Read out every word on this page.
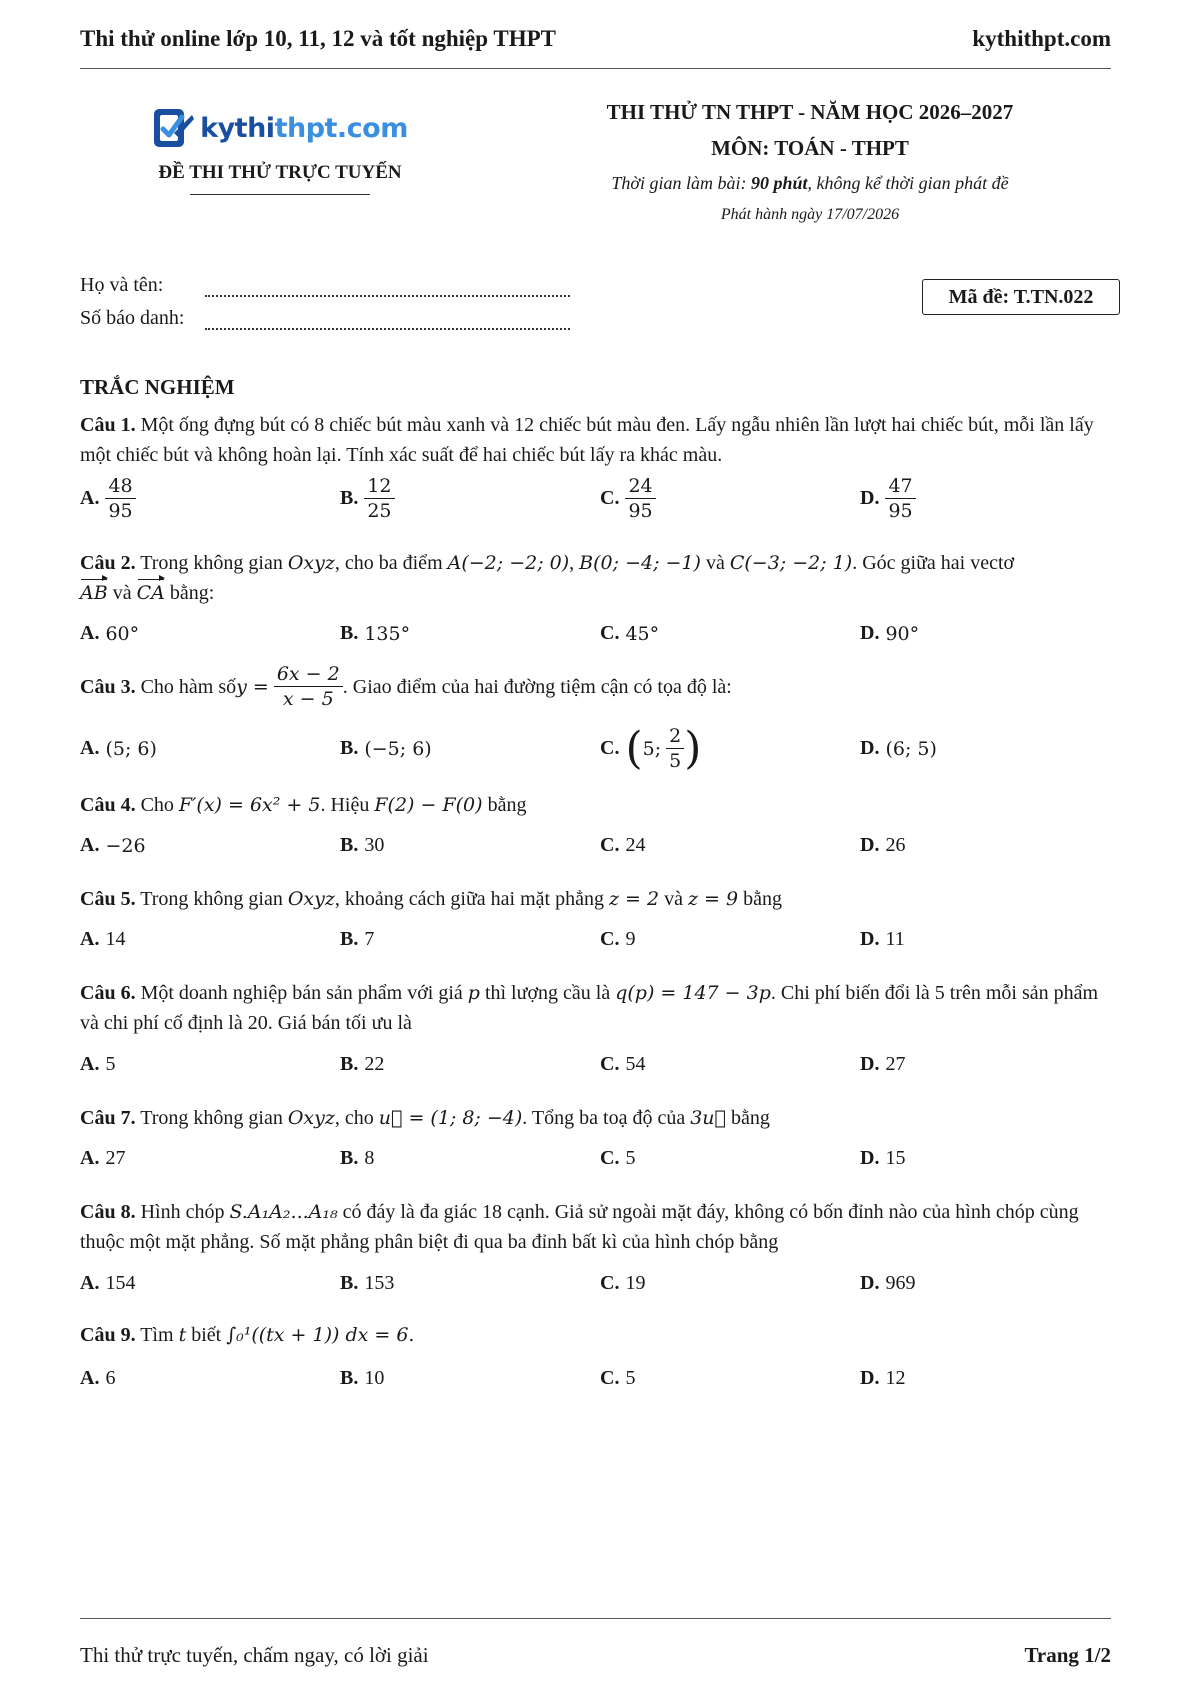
Thi thử online lớp 10, 11, 12 và tốt nghiệp THPT	kythithpt.com
kythithpt.com
ĐỀ THI THỬ TRỰC TUYẾN
THI THỬ TN THPT - NĂM HỌC 2026–2027
MÔN: TOÁN - THPT
Thời gian làm bài: 90 phút, không kể thời gian phát đề
Phát hành ngày 17/07/2026
Họ và tên:
Số báo danh:
Mã đề: T.TN.022
TRẮC NGHIỆM
Câu 1. Một ống đựng bút có 8 chiếc bút màu xanh và 12 chiếc bút màu đen. Lấy ngẫu nhiên lần lượt hai chiếc bút, mỗi lần lấy một chiếc bút và không hoàn lại. Tính xác suất để hai chiếc bút lấy ra khác màu.
A. $\frac{48}{95}$	B. $\frac{12}{25}$	C. $\frac{24}{95}$	D. $\frac{47}{95}$
Câu 2. Trong không gian Oxyz, cho ba điểm A(−2; −2; 0), B(0; −4; −1) và C(−3; −2; 1). Góc giữa hai vectơ
AB và CA bằng:
A. 60°	B. 135°	C. 45°	D. 90°
Câu 3.
Cho hàm số y =
$\frac{6x - 2}{x - 5}$ . Giao điểm của hai đường tiệm cận có tọa độ là:
A. (5; 6)	B. (−5; 6)	C. ( 5;
$\frac{2}{5}$ )	D. (6; 5)
Câu 4. Cho F′(x) = 6x² + 5. Hiệu F(2) − F(0) bằng
A. −26	B. 30	C. 24	D. 26
Câu 5. Trong không gian Oxyz, khoảng cách giữa hai mặt phẳng z = 2 và z = 9 bằng
A. 14	B. 7	C. 9	D. 11
Câu 6. Một doanh nghiệp bán sản phẩm với giá p thì lượng cầu là q(p) = 147 − 3p. Chi phí biến đổi là 5 trên mỗi sản phẩm và chi phí cố định là 20. Giá bán tối ưu là
A. 5	B. 22	C. 54	D. 27
Câu 7. Trong không gian Oxyz, cho u⃗ = (1; 8; −4). Tổng ba toạ độ của 3u⃗ bằng
A. 27	B. 8	C. 5	D. 15
Câu 8. Hình chóp S.A₁A₂...A₁₈ có đáy là đa giác 18 cạnh. Giả sử ngoài mặt đáy, không có bốn đỉnh nào của hình chóp cùng thuộc một mặt phẳng. Số mặt phẳng phân biệt đi qua ba đỉnh bất kì của hình chóp bằng
A. 154	B. 153	C. 19	D. 969
Câu 9. Tìm t biết ∫₀¹((tx + 1)) dx = 6.
A. 6	B. 10	C. 5	D. 12
Thi thử trực tuyến, chấm ngay, có lời giải	Trang 1/2
